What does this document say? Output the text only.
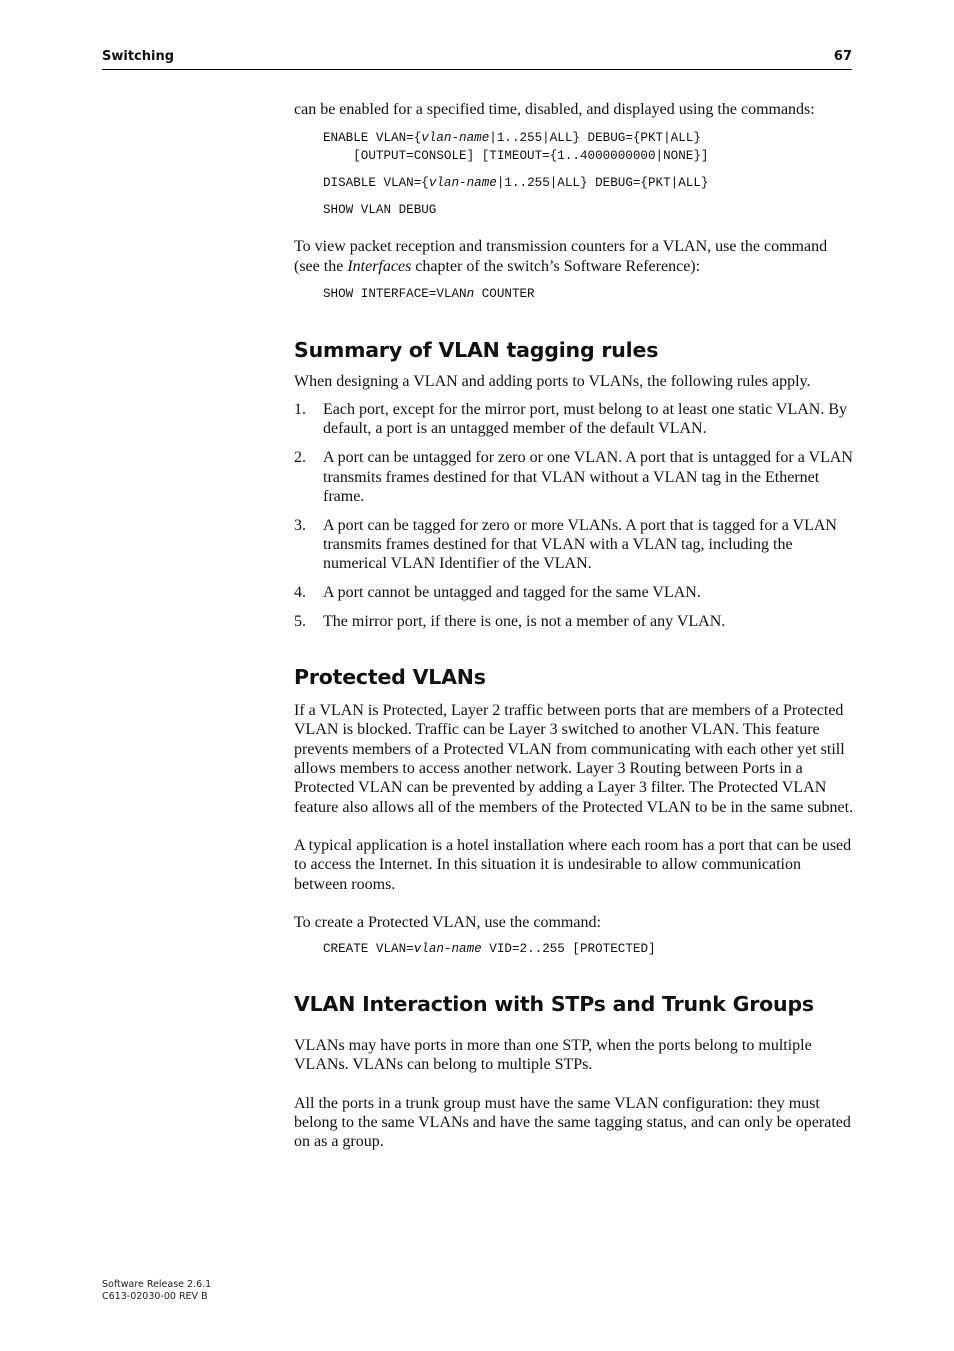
Switching	67

can be enabled for a specified time, disabled, and displayed using the commands:

ENABLE VLAN={vlan-name|1..255|ALL} DEBUG={PKT|ALL}
[OUTPUT=CONSOLE] [TIMEOUT={1..4000000000|NONE}]
DISABLE VLAN={vlan-name|1..255|ALL} DEBUG={PKT|ALL}
SHOW VLAN DEBUG

To view packet reception and transmission counters for a VLAN, use the command (see the Interfaces chapter of the switch’s Software Reference):

SHOW INTERFACE=VLANn COUNTER
Summary of VLAN tagging rules

When designing a VLAN and adding ports to VLANs, the following rules apply.

1. Each port, except for the mirror port, must belong to at least one static VLAN. By default, a port is an untagged member of the default VLAN.
2. A port can be untagged for zero or one VLAN. A port that is untagged for a VLAN transmits frames destined for that VLAN without a VLAN tag in the Ethernet frame.
3. A port can be tagged for zero or more VLANs. A port that is tagged for a VLAN transmits frames destined for that VLAN with a VLAN tag, including the numerical VLAN Identifier of the VLAN.
4. A port cannot be untagged and tagged for the same VLAN.
5. The mirror port, if there is one, is not a member of any VLAN.
Protected VLANs

If a VLAN is Protected, Layer 2 traffic between ports that are members of a Protected VLAN is blocked. Traffic can be Layer 3 switched to another VLAN. This feature prevents members of a Protected VLAN from communicating with each other yet still allows members to access another network. Layer 3 Routing between Ports in a Protected VLAN can be prevented by adding a Layer 3 filter. The Protected VLAN feature also allows all of the members of the Protected VLAN to be in the same subnet.

A typical application is a hotel installation where each room has a port that can be used to access the Internet. In this situation it is undesirable to allow communication between rooms.

To create a Protected VLAN, use the command:

CREATE VLAN=vlan-name VID=2..255 [PROTECTED]
VLAN Interaction with STPs and Trunk Groups

VLANs may have ports in more than one STP, when the ports belong to multiple VLANs. VLANs can belong to multiple STPs.

All the ports in a trunk group must have the same VLAN configuration: they must belong to the same VLANs and have the same tagging status, and can only be operated on as a group.

Software Release 2.6.1
C613-02030-00 REV B
